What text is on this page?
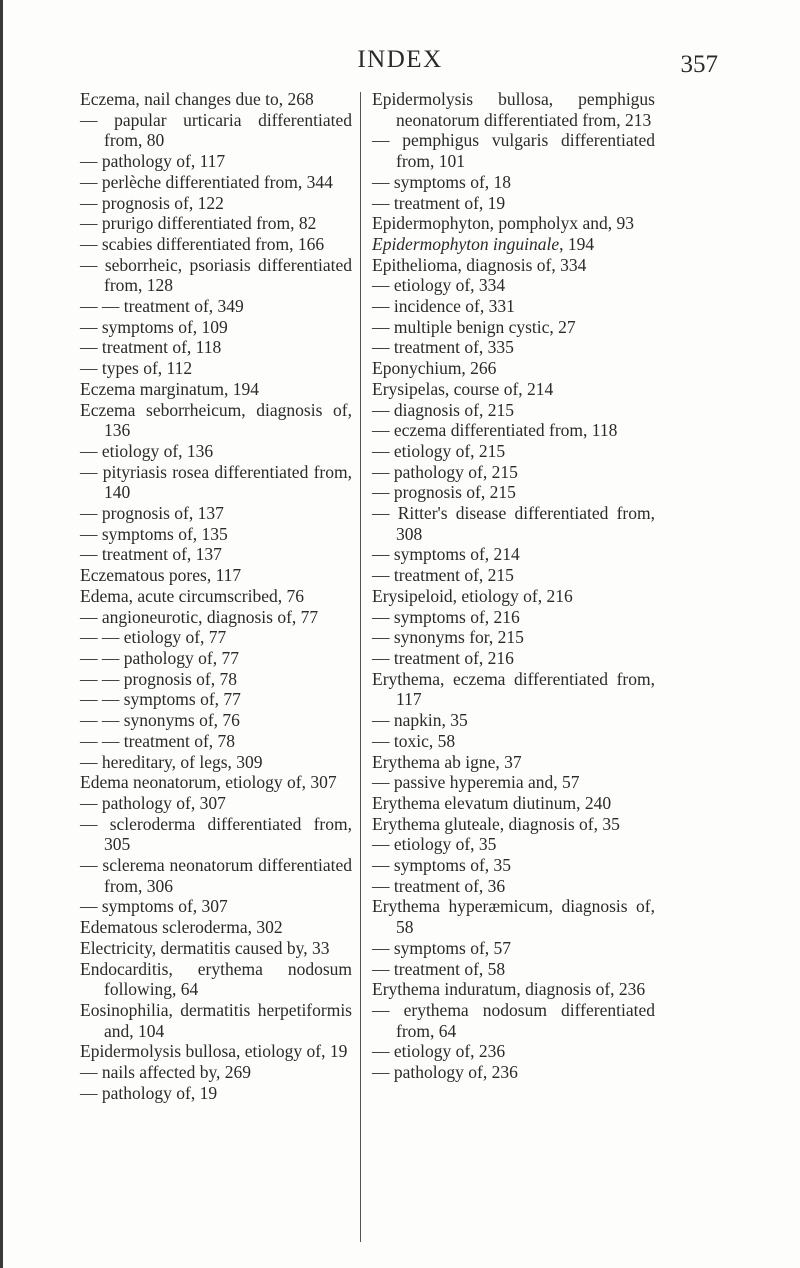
INDEX	357
Eczema, nail changes due to, 268
— papular urticaria differentiated from, 80
— pathology of, 117
— perlèche differentiated from, 344
— prognosis of, 122
— prurigo differentiated from, 82
— scabies differentiated from, 166
— seborrheic, psoriasis differentiated from, 128
— — treatment of, 349
— symptoms of, 109
— treatment of, 118
— types of, 112
Eczema marginatum, 194
Eczema seborrheicum, diagnosis of, 136
— etiology of, 136
— pityriasis rosea differentiated from, 140
— prognosis of, 137
— symptoms of, 135
— treatment of, 137
Eczematous pores, 117
Edema, acute circumscribed, 76
— angioneurotic, diagnosis of, 77
— — etiology of, 77
— — pathology of, 77
— — prognosis of, 78
— — symptoms of, 77
— — synonyms of, 76
— — treatment of, 78
— hereditary, of legs, 309
Edema neonatorum, etiology of, 307
— pathology of, 307
— scleroderma differentiated from, 305
— sclerema neonatorum differentiated from, 306
— symptoms of, 307
Edematous scleroderma, 302
Electricity, dermatitis caused by, 33
Endocarditis, erythema nodosum following, 64
Eosinophilia, dermatitis herpetiformis and, 104
Epidermolysis bullosa, etiology of, 19
— nails affected by, 269
— pathology of, 19
Epidermolysis bullosa, pemphigus neonatorum differentiated from, 213
— pemphigus vulgaris differentiated from, 101
— symptoms of, 18
— treatment of, 19
Epidermophyton, pompholyx and, 93
Epidermophyton inguinale, 194
Epithelioma, diagnosis of, 334
— etiology of, 334
— incidence of, 331
— multiple benign cystic, 27
— treatment of, 335
Eponychium, 266
Erysipelas, course of, 214
— diagnosis of, 215
— eczema differentiated from, 118
— etiology of, 215
— pathology of, 215
— prognosis of, 215
— Ritter's disease differentiated from, 308
— symptoms of, 214
— treatment of, 215
Erysipeloid, etiology of, 216
— symptoms of, 216
— synonyms for, 215
— treatment of, 216
Erythema, eczema differentiated from, 117
— napkin, 35
— toxic, 58
Erythema ab igne, 37
— passive hyperemia and, 57
Erythema elevatum diutinum, 240
Erythema gluteale, diagnosis of, 35
— etiology of, 35
— symptoms of, 35
— treatment of, 36
Erythema hyperæmicum, diagnosis of, 58
— symptoms of, 57
— treatment of, 58
Erythema induratum, diagnosis of, 236
— erythema nodosum differentiated from, 64
— etiology of, 236
— pathology of, 236
